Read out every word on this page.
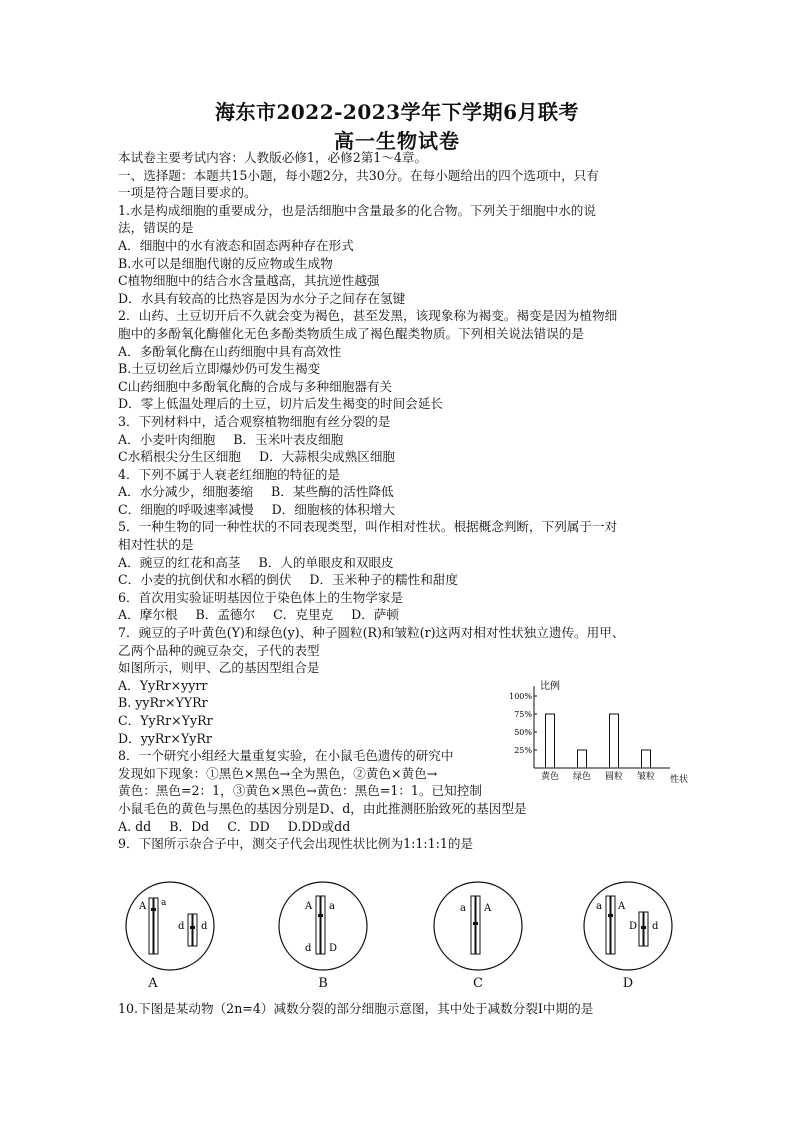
海东市2022-2023学年下学期6月联考
高一生物试卷

本试卷主要考试内容：人教版必修1，必修2第1～4章。

一、选择题：本题共15小题，每小题2分，共30分。在每小题给出的四个选项中，只有

一项是符合题目要求的。

1.水是构成细胞的重要成分，也是活细胞中含量最多的化合物。下列关于细胞中水的说

法，错误的是

A．细胞中的水有液态和固态两种存在形式

B.水可以是细胞代谢的反应物或生成物

C植物细胞中的结合水含量越高，其抗逆性越强

D．水具有较高的比热容是因为水分子之间存在氢键

2．山药、土豆切开后不久就会变为褐色，甚至发黑，该现象称为褐变。褐变是因为植物细

胞中的多酚氧化酶催化无色多酚类物质生成了褐色醌类物质。下列相关说法错误的是

A．多酚氧化酶在山药细胞中具有高效性

B.土豆切丝后立即爆炒仍可发生褐变

C山药细胞中多酚氧化酶的合成与多种细胞器有关

D．零上低温处理后的土豆，切片后发生褐变的时间会延长

3．下列材料中，适合观察植物细胞有丝分裂的是

A．小麦叶肉细胞 B．玉米叶表皮细胞

C水稻根尖分生区细胞 D．大蒜根尖成熟区细胞

4．下列不属于人衰老红细胞的特征的是

A．水分减少，细胞萎缩 B．某些酶的活性降低

C．细胞的呼吸速率减慢 D．细胞核的体积增大

5．一种生物的同一种性状的不同表现类型，叫作相对性状。根据概念判断，下列属于一对

相对性状的是

A．豌豆的红花和高茎 B．人的单眼皮和双眼皮

C．小麦的抗倒伏和水稻的倒伏 D．玉米种子的糯性和甜度

6．首次用实验证明基因位于染色体上的生物学家是

A．摩尔根 B．孟德尔 C．克里克 D．萨顿

7．豌豆的子叶黄色(Y)和绿色(y)、种子圆粒(R)和皱粒(r)这两对相对性状独立遗传。用甲、

乙两个品种的豌豆杂交，子代的表型

如图所示，则甲、乙的基因型组合是

A．YyRr×yyrr

B. yyRr×YYRr

C．YyRr×YyRr

D．yyRr×YyRr

8．一个研究小组经大量重复实验，在小鼠毛色遗传的研究中

发现如下现象：①黑色×黑色→全为黑色，②黄色×黄色→

黄色：黑色=2：1，③黄色×黑色→黄色：黑色=1：1。已知控制

小鼠毛色的黄色与黑色的基因分别是D、d，由此推测胚胎致死的基因型是

A. dd B．Dd C．DD D.DD或dd

9．下图所示杂合子中，测交子代会出现性状比例为1:1:1:1的是

比例
100%
75%
50%
25%
黄色 绿色 圆粒 皱粒 性状
A a
d d
A
A a
d D
B
a A
C
a A
D d
D
10.下图是某动物（2n=4）减数分裂的部分细胞示意图，其中处于减数分裂Ⅰ中期的是
